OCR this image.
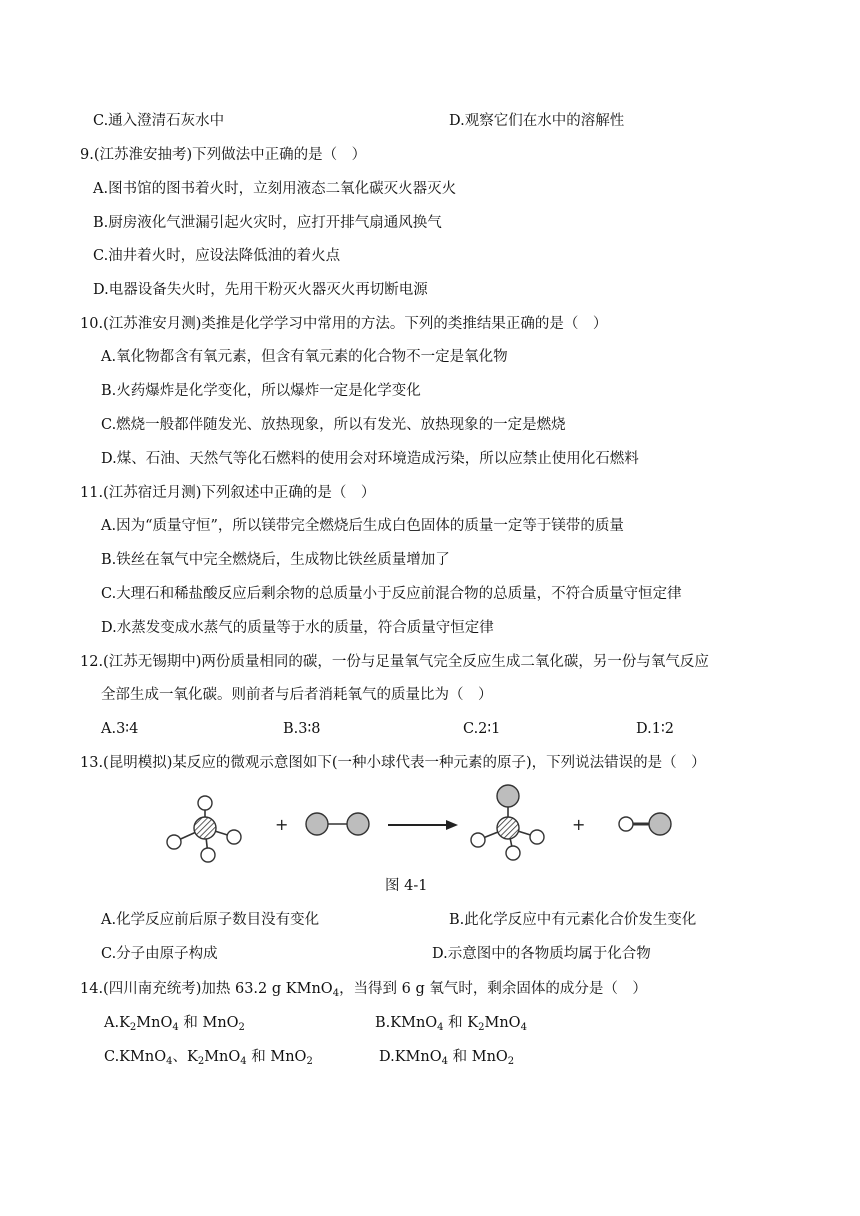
C.通入澄清石灰水中	D.观察它们在水中的溶解性
9.(江苏淮安抽考)下列做法中正确的是（　）
A.图书馆的图书着火时，立刻用液态二氧化碳灭火器灭火
B.厨房液化气泄漏引起火灾时，应打开排气扇通风换气
C.油井着火时，应设法降低油的着火点
D.电器设备失火时，先用干粉灭火器灭火再切断电源
10.(江苏淮安月测)类推是化学学习中常用的方法。下列的类推结果正确的是（　）
A.氧化物都含有氧元素，但含有氧元素的化合物不一定是氧化物
B.火药爆炸是化学变化，所以爆炸一定是化学变化
C.燃烧一般都伴随发光、放热现象，所以有发光、放热现象的一定是燃烧
D.煤、石油、天然气等化石燃料的使用会对环境造成污染，所以应禁止使用化石燃料
11.(江苏宿迁月测)下列叙述中正确的是（　）
A.因为“质量守恒”，所以镁带完全燃烧后生成白色固体的质量一定等于镁带的质量
B.铁丝在氧气中完全燃烧后，生成物比铁丝质量增加了
C.大理石和稀盐酸反应后剩余物的总质量小于反应前混合物的总质量，不符合质量守恒定律
D.水蒸发变成水蒸气的质量等于水的质量，符合质量守恒定律
12.(江苏无锡期中)两份质量相同的碳，一份与足量氧气完全反应生成二氧化碳，另一份与氧气反应
全部生成一氧化碳。则前者与后者消耗氧气的质量比为（　）
A.3∶4	B.3∶8	C.2∶1	D.1∶2
13.(昆明模拟)某反应的微观示意图如下(一种小球代表一种元素的原子)，下列说法错误的是（　）
+	+
图 4-1
A.化学反应前后原子数目没有变化	B.此化学反应中有元素化合价发生变化
C.分子由原子构成	D.示意图中的各物质均属于化合物
14.(四川南充统考)加热 63.2 g KMnO$_4$，当得到 6 g 氧气时，剩余固体的成分是（　）
$A.K_2MnO_4$ 和 MnO$_2$	B.KMnO$_4$ 和 $K_2MnO_4$
C.KMnO$_4$、$K_2MnO_4$ 和 MnO$_2$	D.KMnO$_4$ 和 MnO$_2$
